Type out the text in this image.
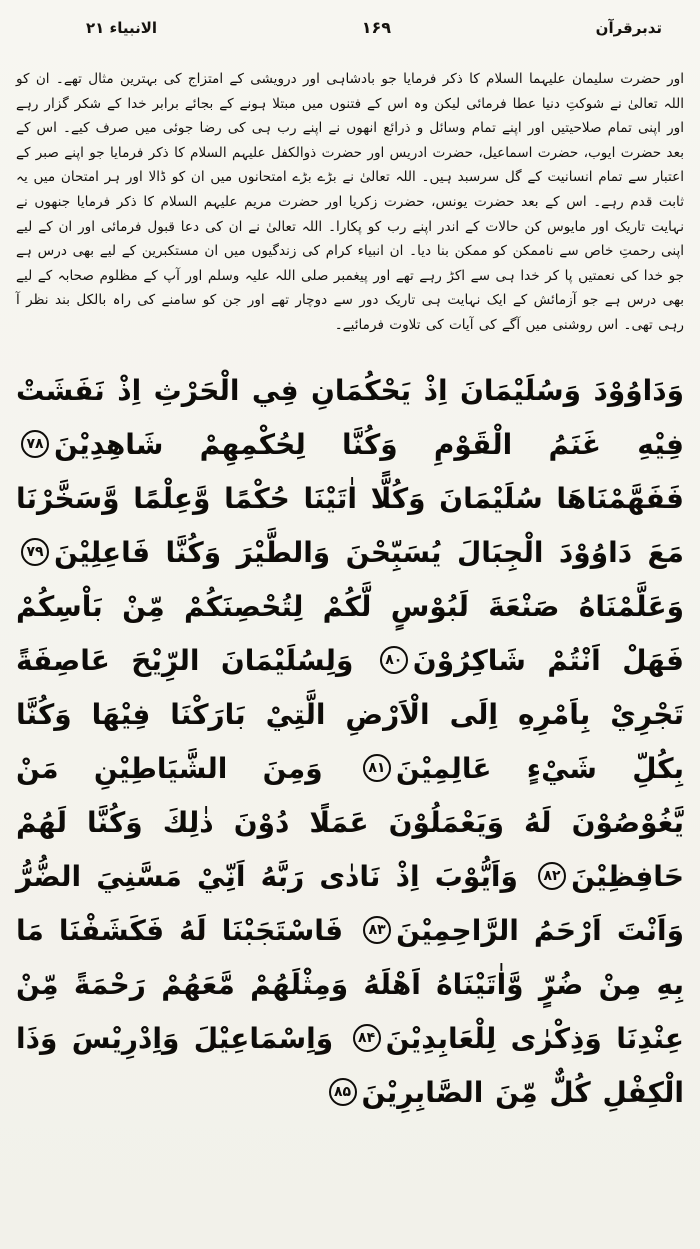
تدبرقرآن
۱۶۹
الانبیاء ۲۱

اور حضرت سلیمان علیہما السلام کا ذکر فرمایا جو بادشاہی اور درویشی کے امتزاج کی بہترین مثال تھے۔ ان کو اللہ تعالیٰ نے شوکتِ دنیا عطا فرمائی لیکن وہ اس کے فتنوں میں مبتلا ہونے کے بجائے برابر خدا کے شکر گزار رہے اور اپنی تمام صلاحیتیں اور اپنے تمام وسائل و ذرائع انھوں نے اپنے رب ہی کی رضا جوئی میں صرف کیے۔ اس کے بعد حضرت ایوب، حضرت اسماعیل، حضرت ادریس اور حضرت ذوالکفل علیہم السلام کا ذکر فرمایا جو اپنے صبر کے اعتبار سے تمام انسانیت کے گل سرسبد ہیں۔ اللہ تعالیٰ نے بڑے بڑے امتحانوں میں ان کو ڈالا اور ہر امتحان میں یہ ثابت قدم رہے۔ اس کے بعد حضرت یونس، حضرت زکریا اور حضرت مریم علیہم السلام کا ذکر فرمایا جنھوں نے نہایت تاریک اور مایوس کن حالات کے اندر اپنے رب کو پکارا۔ اللہ تعالیٰ نے ان کی دعا قبول فرمائی اور ان کے لیے اپنی رحمتِ خاص سے ناممکن کو ممکن بنا دیا۔ ان انبیاء کرام کی زندگیوں میں ان مستکبرین کے لیے بھی درس ہے جو خدا کی نعمتیں پا کر خدا ہی سے اکڑ رہے تھے اور پیغمبر صلی اللہ علیہ وسلم اور آپ کے مظلوم صحابہ کے لیے بھی درس ہے جو آزمائش کے ایک نہایت ہی تاریک دور سے دوچار تھے اور جن کو سامنے کی راہ بالکل بند نظر آ رہی تھی۔ اس روشنی میں آگے کی آیات کی تلاوت فرمائیے۔

وَدَاوُوْدَ وَسُلَيْمَانَ اِذْ يَحْكُمَانِ فِي الْحَرْثِ اِذْ نَفَشَتْ فِيْهِ غَنَمُ الْقَوْمِ وَكُنَّا لِحُكْمِهِمْ شَاهِدِيْنَ۷۸ فَفَهَّمْنَاهَا سُلَيْمَانَ وَكُلًّا اٰتَيْنَا حُكْمًا وَّعِلْمًا وَّسَخَّرْنَا مَعَ دَاوُوْدَ الْجِبَالَ يُسَبِّحْنَ وَالطَّيْرَ وَكُنَّا فَاعِلِيْنَ۷۹ وَعَلَّمْنَاهُ صَنْعَةَ لَبُوْسٍ لَّكُمْ لِتُحْصِنَكُمْ مِّنْ بَاْسِكُمْ فَهَلْ اَنْتُمْ شَاكِرُوْنَ۸۰ وَلِسُلَيْمَانَ الرِّيْحَ عَاصِفَةً تَجْرِيْ بِاَمْرِهِ اِلَى الْاَرْضِ الَّتِيْ بَارَكْنَا فِيْهَا وَكُنَّا بِكُلِّ شَيْءٍ عَالِمِيْنَ۸۱ وَمِنَ الشَّيَاطِيْنِ مَنْ يَّغُوْصُوْنَ لَهُ وَيَعْمَلُوْنَ عَمَلًا دُوْنَ ذٰلِكَ وَكُنَّا لَهُمْ حَافِظِيْنَ۸۲ وَاَيُّوْبَ اِذْ نَادٰى رَبَّهُ اَنِّيْ مَسَّنِيَ الضُّرُّ وَاَنْتَ اَرْحَمُ الرَّاحِمِيْنَ۸۳ فَاسْتَجَبْنَا لَهُ فَكَشَفْنَا مَا بِهِ مِنْ ضُرٍّ وَّاٰتَيْنَاهُ اَهْلَهُ وَمِثْلَهُمْ مَّعَهُمْ رَحْمَةً مِّنْ عِنْدِنَا وَذِكْرٰى لِلْعَابِدِيْنَ۸۴ وَاِسْمَاعِيْلَ وَاِدْرِيْسَ وَذَا الْكِفْلِ كُلٌّ مِّنَ الصَّابِرِيْنَ۸۵
